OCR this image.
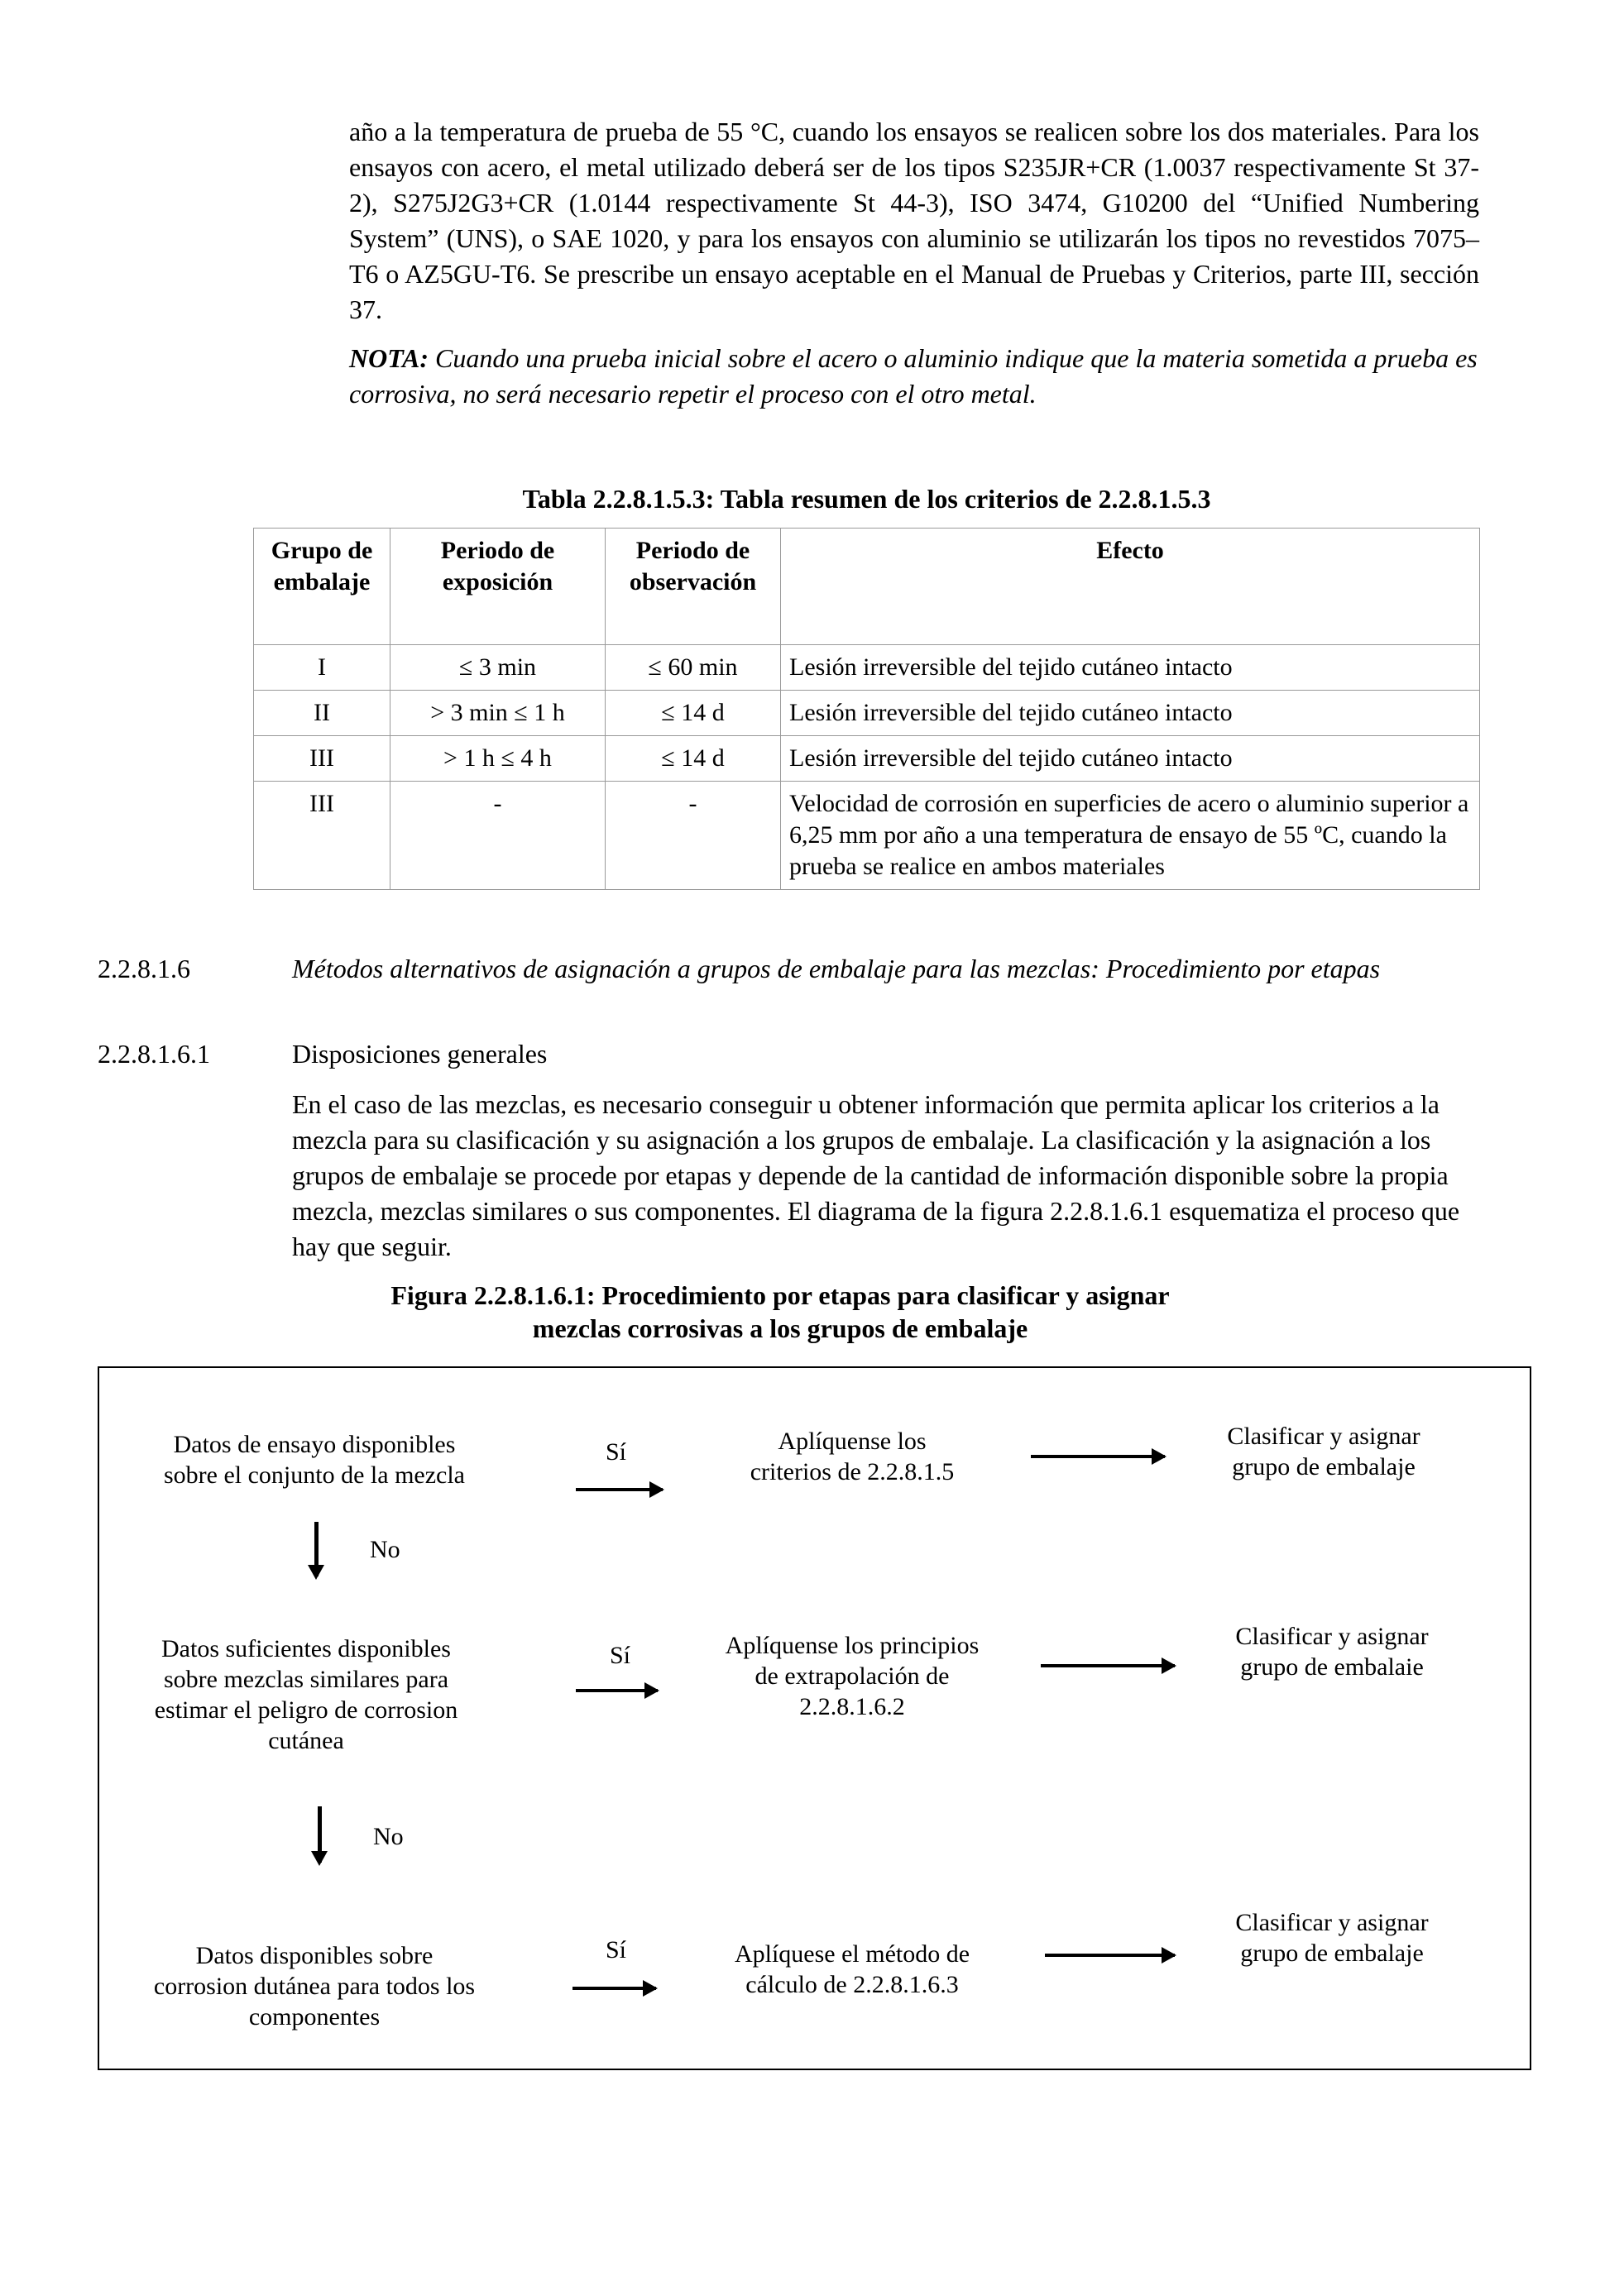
año a la temperatura de prueba de 55 °C, cuando los ensayos se realicen sobre los dos materiales. Para los ensayos con acero, el metal utilizado deberá ser de los tipos S235JR+CR (1.0037 respectivamente St 37-2), S275J2G3+CR (1.0144 respectivamente St 44-3), ISO 3474, G10200 del “Unified Numbering System” (UNS), o SAE 1020, y para los ensayos con aluminio se utilizarán los tipos no revestidos 7075–T6 o AZ5GU-T6. Se prescribe un ensayo aceptable en el Manual de Pruebas y Criterios, parte III, sección 37.

NOTA: Cuando una prueba inicial sobre el acero o aluminio indique que la materia sometida a prueba es corrosiva, no será necesario repetir el proceso con el otro metal.
Tabla 2.2.8.1.5.3: Tabla resumen de los criterios de 2.2.8.1.5.3
Grupo de embalaje	Periodo de exposición	Periodo de observación	Efecto
I	≤ 3 min	≤ 60 min	Lesión irreversible del tejido cutáneo intacto
II	> 3 min ≤ 1 h	≤ 14 d	Lesión irreversible del tejido cutáneo intacto
III	> 1 h ≤ 4 h	≤ 14 d	Lesión irreversible del tejido cutáneo intacto
III	-	-	Velocidad de corrosión en superficies de acero o aluminio superior a 6,25 mm por año a una temperatura de ensayo de 55 ºC, cuando la prueba se realice en ambos materiales
2.2.8.1.6	Métodos alternativos de asignación a grupos de embalaje para las mezclas: Procedimiento por etapas
2.2.8.1.6.1	Disposiciones generales

En el caso de las mezclas, es necesario conseguir u obtener información que permita aplicar los criterios a la mezcla para su clasificación y su asignación a los grupos de embalaje. La clasificación y la asignación a los grupos de embalaje se procede por etapas y depende de la cantidad de información disponible sobre la propia mezcla, mezclas similares o sus componentes. El diagrama de la figura 2.2.8.1.6.1 esquematiza el proceso que hay que seguir.

Figura 2.2.8.1.6.1: Procedimiento por etapas para clasificar y asignar
mezclas corrosivas a los grupos de embalaje
Datos de ensayo disponibles sobre el conjunto de la mezcla
Sí	Aplíquense los criterios de 2.2.8.1.5
Clasificar y asignar grupo de embalaje
No
Datos suficientes disponibles sobre mezclas similares para estimar el peligro de corrosion cutánea
Sí	Aplíquense los principios de extrapolación de 2.2.8.1.6.2
Clasificar y asignar grupo de embalaie
No
Datos disponibles sobre corrosion dutánea para todos los componentes
Sí	Aplíquese el método de cálculo de 2.2.8.1.6.3
Clasificar y asignar grupo de embalaje
